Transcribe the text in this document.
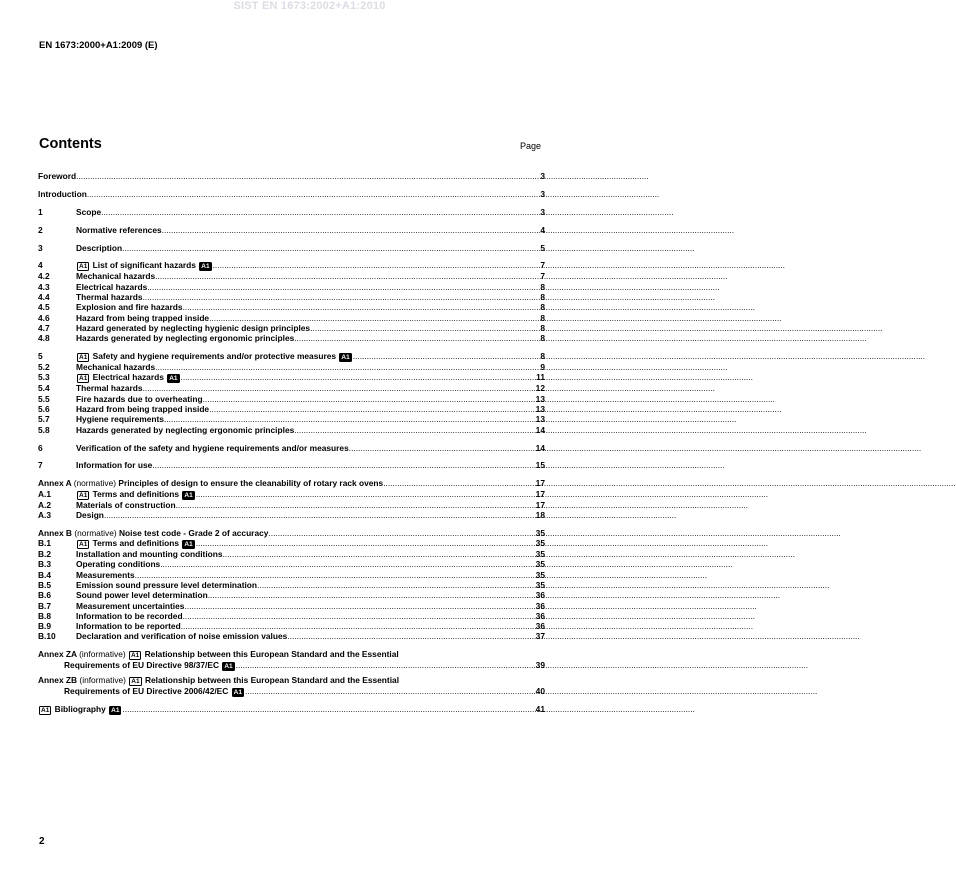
SIST EN 1673:2002+A1:2010
EN 1673:2000+A1:2009 (E)
Contents	Page
Foreword .....	3
Introduction .....	3
1	Scope .....	3
2	Normative references .....	4
3	Description .....	5
4	A1 List of significant hazards A1 .....	7
4.2	Mechanical hazards .....	7
4.3	Electrical hazards .....	8
4.4	Thermal hazards .....	8
4.5	Explosion and fire hazards .....	8
4.6	Hazard from being trapped inside .....	8
4.7	Hazard generated by neglecting hygienic design principles .....	8
4.8	Hazards generated by neglecting ergonomic principles .....	8
5	A1 Safety and hygiene requirements and/or protective measures A1 .....	8
5.2	Mechanical hazards .....	9
5.3	A1 Electrical hazards A1 .....	11
5.4	Thermal hazards .....	12
5.5	Fire hazards due to overheating .....	13
5.6	Hazard from being trapped inside .....	13
5.7	Hygiene requirements .....	13
5.8	Hazards generated by neglecting ergonomic principles .....	14
6	Verification of the safety and hygiene requirements and/or measures .....	14
7	Information for use .....	15
Annex A (normative) Principles of design to ensure the cleanability of rotary rack ovens .....	17
A.1	A1 Terms and definitions A1 .....	17
A.2	Materials of construction .....	17
A.3	Design .....	18
Annex B (normative) Noise test code - Grade 2 of accuracy .....	35
B.1	A1 Terms and definitions A1 .....	35
B.2	Installation and mounting conditions .....	35
B.3	Operating conditions .....	35
B.4	Measurements .....	35
B.5	Emission sound pressure level determination .....	35
B.6	Sound power level determination .....	36
B.7	Measurement uncertainties .....	36
B.8	Information to be recorded .....	36
B.9	Information to be reported .....	36
B.10	Declaration and verification of noise emission values .....	37
Annex ZA (informative) A1 Relationship between this European Standard and the Essential
Requirements of EU Directive 98/37/EC A1 .....	39
Annex ZB (informative) A1 Relationship between this European Standard and the Essential
Requirements of EU Directive 2006/42/EC A1 .....	40
A1 Bibliography A1 .....	41
2
